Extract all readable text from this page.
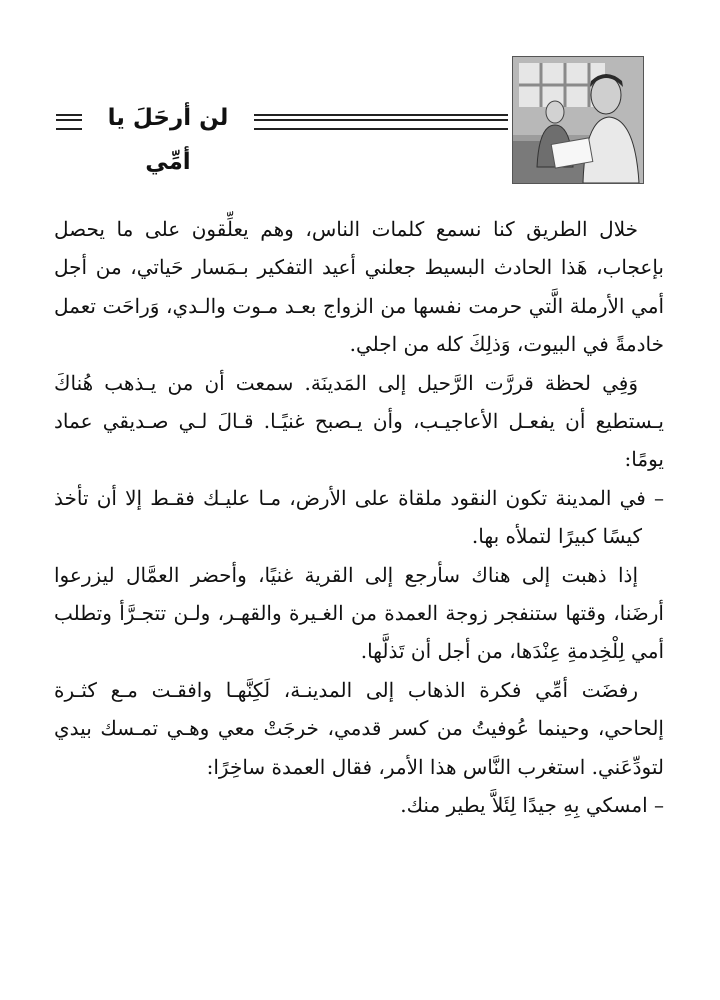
لن أرحَلَ يا أمِّي

خلال الطريق كنا نسمع كلمات الناس، وهم يعلِّقون على ما يحصل بإعجاب، هَذا الحادث البسيط جعلني أعيد التفكير بـمَسار حَياتي، من أجل أمي الأرملة الَّتي حرمت نفسها من الزواج بعـد مـوت والـدي، وَراحَت تعمل خادمةً في البيوت، وَذلِكَ كله من اجلي.

وَفِي لحظة قررَّت الرَّحيل إلى المَدينَة. سمعت أن من يـذهب هُناكَ يـستطيع أن يفعـل الأعاجيـب، وأن يـصبح غنيًـا. قـالَ لـي صـديقي عماد يومًا:

– في المدينة تكون النقود ملقاة على الأرض، مـا عليـك فقـط إلا أن تأخذ كيسًا كبيرًا لتملأه بها.

إذا ذهبت إلى هناك سأرجع إلى القرية غنيًا، وأحضر العمَّال ليزرعوا أرضَنا، وقتها ستنفجر زوجة العمدة من الغـيرة والقهـر، ولـن تتجـرَّأ وتطلب أمي لِلْخِدمةِ عِنْدَها، من أجل أن تَذلَّها.

رفضَت أمِّي فكرة الذهاب إلى المدينـة، لَكِنَّهـا وافقـت مـع كثـرة إلحاحي، وحينما عُوفيتُ من كسر قدمي، خرجَتْ معي وهـي تمـسك بيدي لتودِّعَني. استغرب النَّاس هذا الأمر، فقال العمدة ساخِرًا:

– امسكي بِهِ جيدًا لِئَلاَّ يطير منك.
